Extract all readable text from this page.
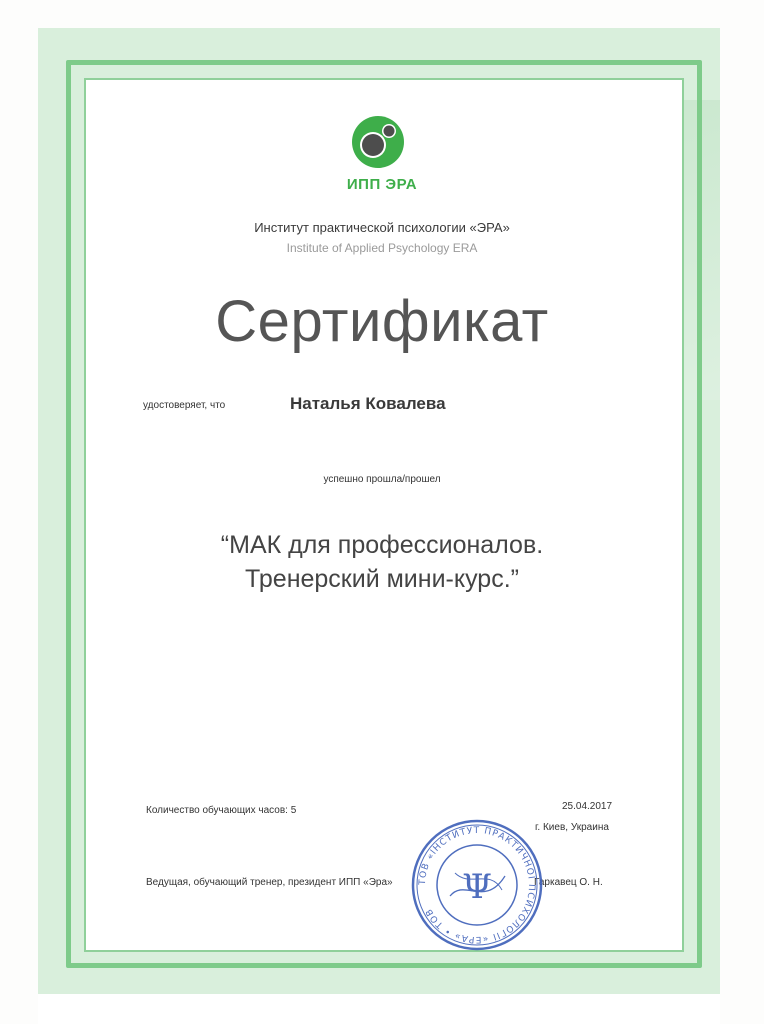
ИПП ЭРА
Институт практической психологии «ЭРА»
Institute of Applied Psychology ERA
Сертификат
удостоверяет, что	Наталья Ковалева
успешно прошла/прошел
“МАК для профессионалов.
Тренерский мини-курс.”
Количество обучающих часов: 5	25.04.2017
г. Киев, Украина
Ведущая, обучающий тренер, президент ИПП «Эра»	Гаркавец О. Н.
ТОВ «ІНСТИТУТ ПРАКТИЧНОЇ ПСИХОЛОГІЇ «ЕРА» • ТОВ
Ψ
